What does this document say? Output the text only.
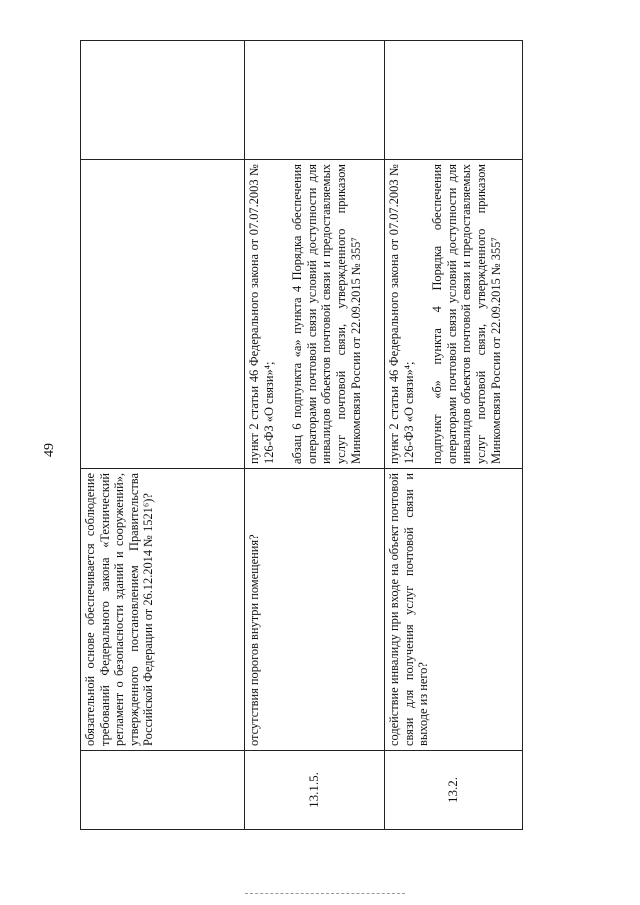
49
	обязательной основе обеспечивается соблюдение требований Федерального закона «Технический регламент о безопасности зданий и сооружений», утвержденного постановлением Правительства Российской Федерации от 26.12.2014 № 1521⁶)?		
13.1.5.	отсутствия порогов внутри помещения?	пункт 2 статьи 46 Федерального закона от 07.07.2003 № 126-ФЗ «О связи»⁴; абзац 6 подпункта «а» пункта 4 Порядка обеспечения операторами почтовой связи условий доступности для инвалидов объектов почтовой связи и предоставляемых услуг почтовой связи, утвержденного приказом Минкомсвязи России от 22.09.2015 № 355⁷	

13.2.	содействие инвалиду при входе на объект почтовой связи для получения услуг почтовой связи и выходе из него?	пункт 2 статьи 46 Федерального закона от 07.07.2003 № 126-ФЗ «О связи»⁴; подпункт «б» пункта 4 Порядка обеспечения операторами почтовой связи условий доступности для инвалидов объектов почтовой связи и предоставляемых услуг почтовой связи, утвержденного приказом Минкомсвязи России от 22.09.2015 № 355⁷	
